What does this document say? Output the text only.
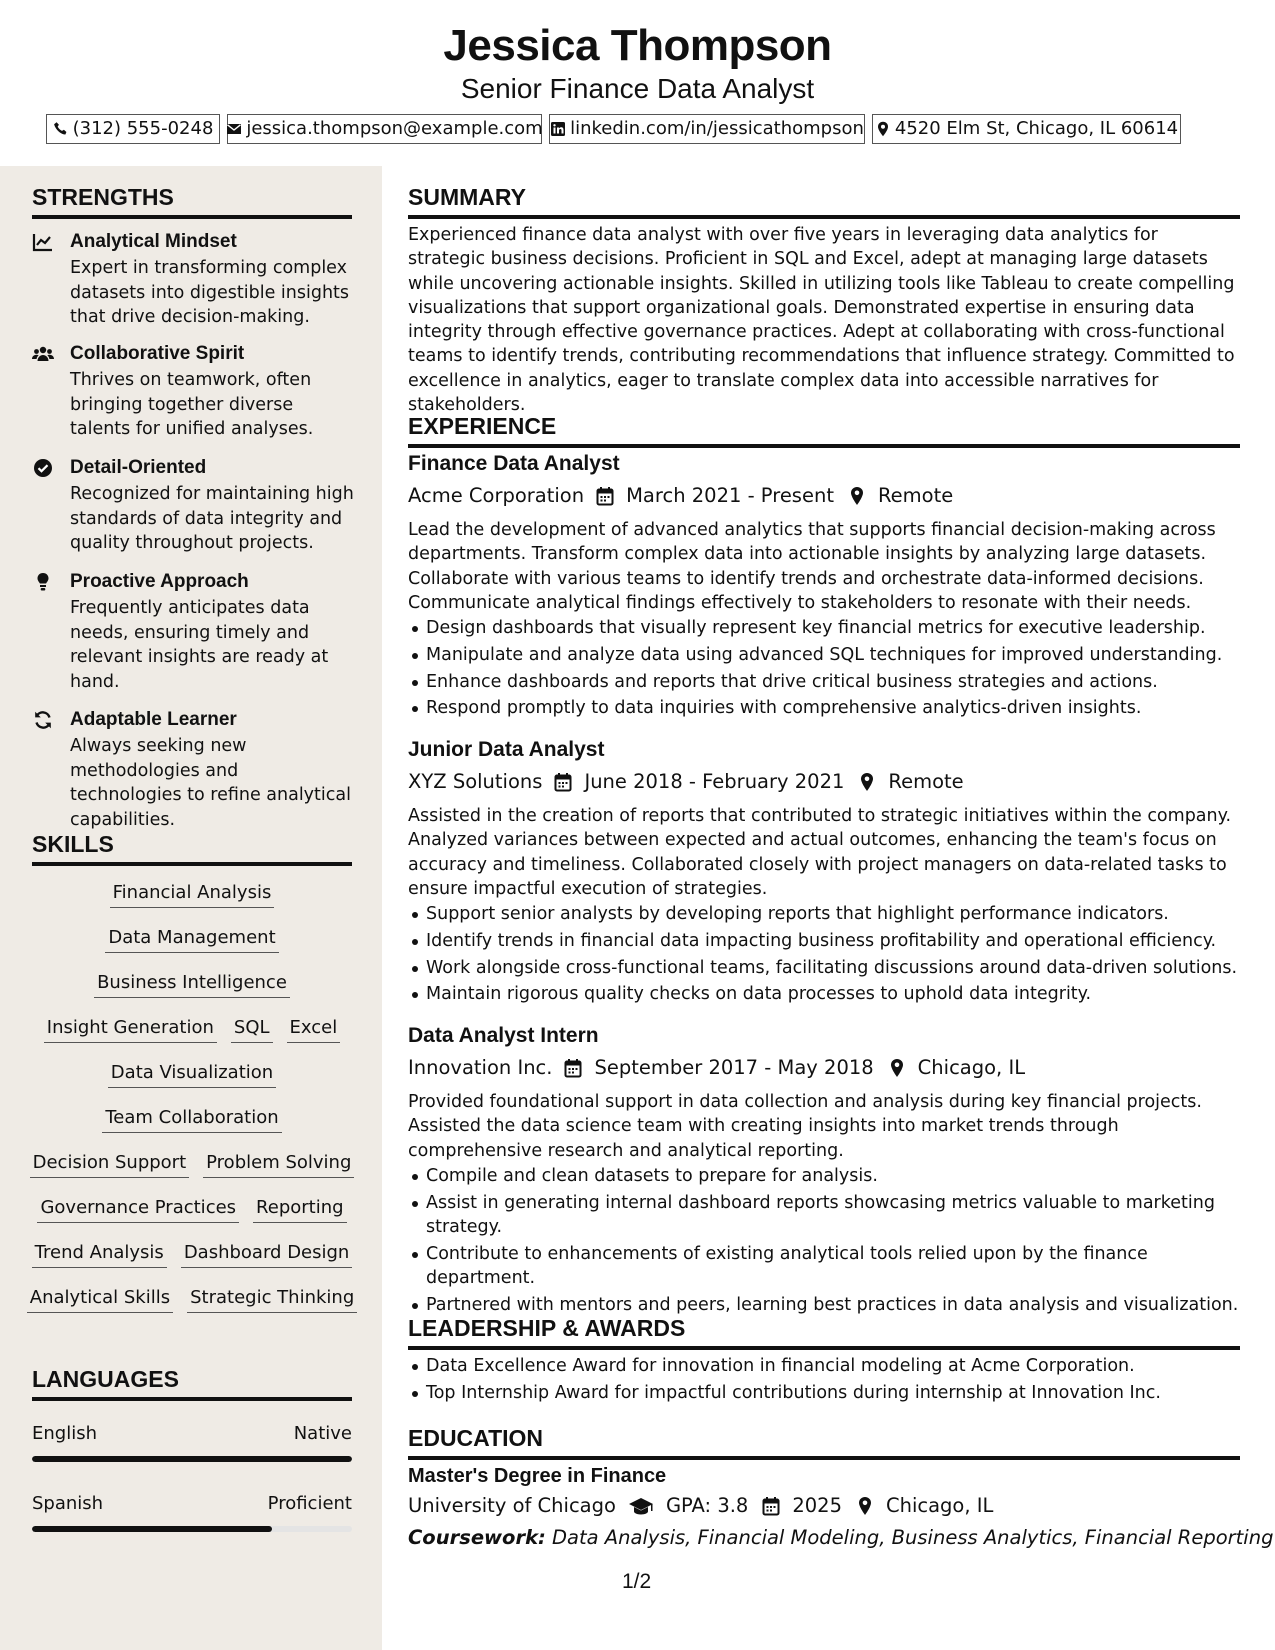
Jessica Thompson
Senior Finance Data Analyst
(312) 555-0248 jessica.thompson@example.com linkedin.com/in/jessicathompson 4520 Elm St, Chicago, IL 60614
STRENGTHS
Analytical Mindset
Expert in transforming complex datasets into digestible insights that drive decision-making.
Collaborative Spirit
Thrives on teamwork, often bringing together diverse talents for unified analyses.
Detail-Oriented
Recognized for maintaining high standards of data integrity and quality throughout projects.
Proactive Approach
Frequently anticipates data needs, ensuring timely and relevant insights are ready at hand.
Adaptable Learner
Always seeking new methodologies and technologies to refine analytical capabilities.
SKILLS
Financial Analysis
Data Management
Business Intelligence
Insight Generation SQL Excel
Data Visualization
Team Collaboration
Decision Support Problem Solving
Governance Practices Reporting
Trend Analysis Dashboard Design
Analytical Skills Strategic Thinking
LANGUAGES
English	Native
Spanish	Proficient
SUMMARY
Experienced finance data analyst with over five years in leveraging data analytics for strategic business decisions. Proficient in SQL and Excel, adept at managing large datasets while uncovering actionable insights. Skilled in utilizing tools like Tableau to create compelling visualizations that support organizational goals. Demonstrated expertise in ensuring data integrity through effective governance practices. Adept at collaborating with cross-functional teams to identify trends, contributing recommendations that influence strategy. Committed to excellence in analytics, eager to translate complex data into accessible narratives for stakeholders.
EXPERIENCE
Finance Data Analyst
Acme Corporation March 2021 - Present Remote
Lead the development of advanced analytics that supports financial decision-making across departments. Transform complex data into actionable insights by analyzing large datasets. Collaborate with various teams to identify trends and orchestrate data-informed decisions. Communicate analytical findings effectively to stakeholders to resonate with their needs.
Design dashboards that visually represent key financial metrics for executive leadership.
Manipulate and analyze data using advanced SQL techniques for improved understanding.
Enhance dashboards and reports that drive critical business strategies and actions.
Respond promptly to data inquiries with comprehensive analytics-driven insights.
Junior Data Analyst
XYZ Solutions June 2018 - February 2021 Remote
Assisted in the creation of reports that contributed to strategic initiatives within the company. Analyzed variances between expected and actual outcomes, enhancing the team's focus on accuracy and timeliness. Collaborated closely with project managers on data-related tasks to ensure impactful execution of strategies.
Support senior analysts by developing reports that highlight performance indicators.
Identify trends in financial data impacting business profitability and operational efficiency.
Work alongside cross-functional teams, facilitating discussions around data-driven solutions.
Maintain rigorous quality checks on data processes to uphold data integrity.
Data Analyst Intern
Innovation Inc. September 2017 - May 2018 Chicago, IL
Provided foundational support in data collection and analysis during key financial projects. Assisted the data science team with creating insights into market trends through comprehensive research and analytical reporting.
Compile and clean datasets to prepare for analysis.
Assist in generating internal dashboard reports showcasing metrics valuable to marketing strategy.
Contribute to enhancements of existing analytical tools relied upon by the finance department.
Partnered with mentors and peers, learning best practices in data analysis and visualization.
LEADERSHIP & AWARDS
Data Excellence Award for innovation in financial modeling at Acme Corporation.
Top Internship Award for impactful contributions during internship at Innovation Inc.
EDUCATION
Master's Degree in Finance
University of Chicago	GPA: 3.8 2025 Chicago, IL
Coursework: Data Analysis, Financial Modeling, Business Analytics, Financial Reporting
1/2
